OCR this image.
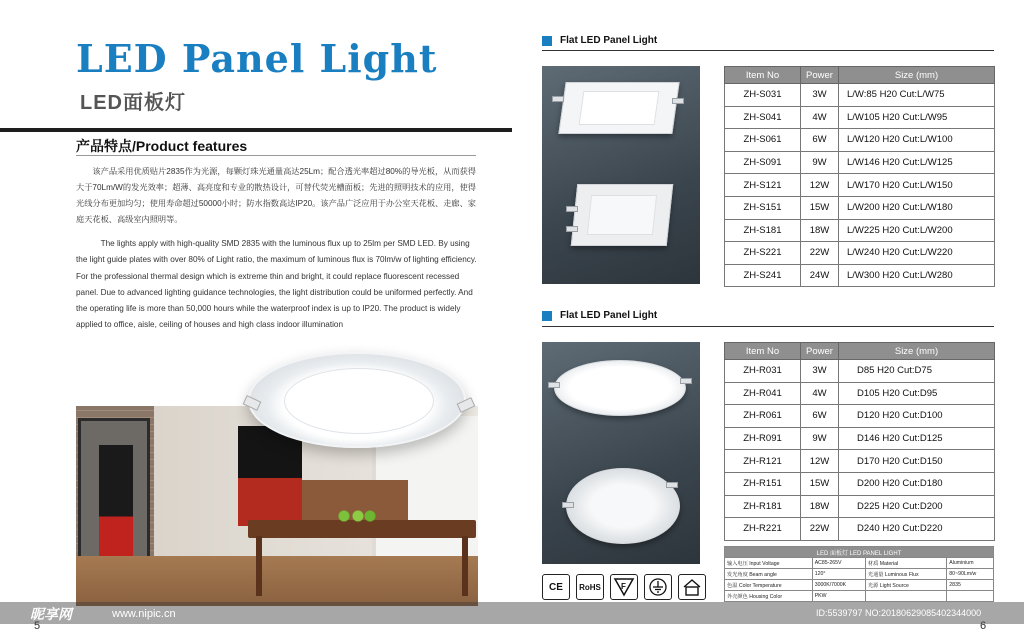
LED Panel Light
LED面板灯
产品特点/Product features

该产品采用优质贴片2835作为光源，每颗灯珠光通量高达25Lm；配合透光率超过80%的导光板，从而获得大于70Lm/W的发光效率；超薄、高亮度和专业的散热设计，可替代荧光槽面板；先进的照明技术的应用，使得光线分布更加均匀；使用寿命超过50000小时；防水指数高达IP20。该产品广泛应用于办公室天花板、走廊、家庭天花板、高级室内照明等。

The lights apply with high-quality SMD 2835 with the luminous flux up to 25lm per SMD LED. By using the light guide plates with over 80% of Light ratio, the maximum of luminous flux is 70lm/w of lighting efficiency. For the professional thermal design which is extreme thin and bright, it could replace fluorescent recessed panel. Due to advanced lighting guidance technologies, the light distribution could be uniformed perfectly. And the operating life is more than 50,000 hours while the waterproof index is up to IP20. The product is widely applied to office, aisle, ceiling of houses and high class indoor illumination

5
Flat LED Panel Light
Item No	Power	Size (mm)
ZH-S031	3W	L/W:85 H20 Cut:L/W75
ZH-S041	4W	L/W105 H20 Cut:L/W95
ZH-S061	6W	L/W120 H20 Cut:L/W100
ZH-S091	9W	L/W146 H20 Cut:L/W125
ZH-S121	12W	L/W170 H20 Cut:L/W150
ZH-S151	15W	L/W200 H20 Cut:L/W180
ZH-S181	18W	L/W225 H20 Cut:L/W200
ZH-S221	22W	L/W240 H20 Cut:L/W220
ZH-S241	24W	L/W300 H20 Cut:L/W280
Flat LED Panel Light
Item No	Power	Size (mm)
ZH-R031	3W	D85 H20 Cut:D75
ZH-R041	4W	D105 H20 Cut:D95
ZH-R061	6W	D120 H20 Cut:D100
ZH-R091	9W	D146 H20 Cut:D125
ZH-R121	12W	D170 H20 Cut:D150
ZH-R151	15W	D200 H20 Cut:D180
ZH-R181	18W	D225 H20 Cut:D200
ZH-R221	22W	D240 H20 Cut:D220
LED 面板灯 LED PANEL LIGHT			
输入电压 Input Voltage	AC85-265V	材质 Material	Aluminium
发光角度 Beam angle	120°	光通量 Luminous Flux	80~90Lm/w
色温 Color Temperature	3000K/7000K	光源 Light Source	2835
外壳颜色 Housing Color	PKW		
CE	RoHS	F
6
昵享网	www.nipic.cn	ID:5539797 NO:20180629085402344000
